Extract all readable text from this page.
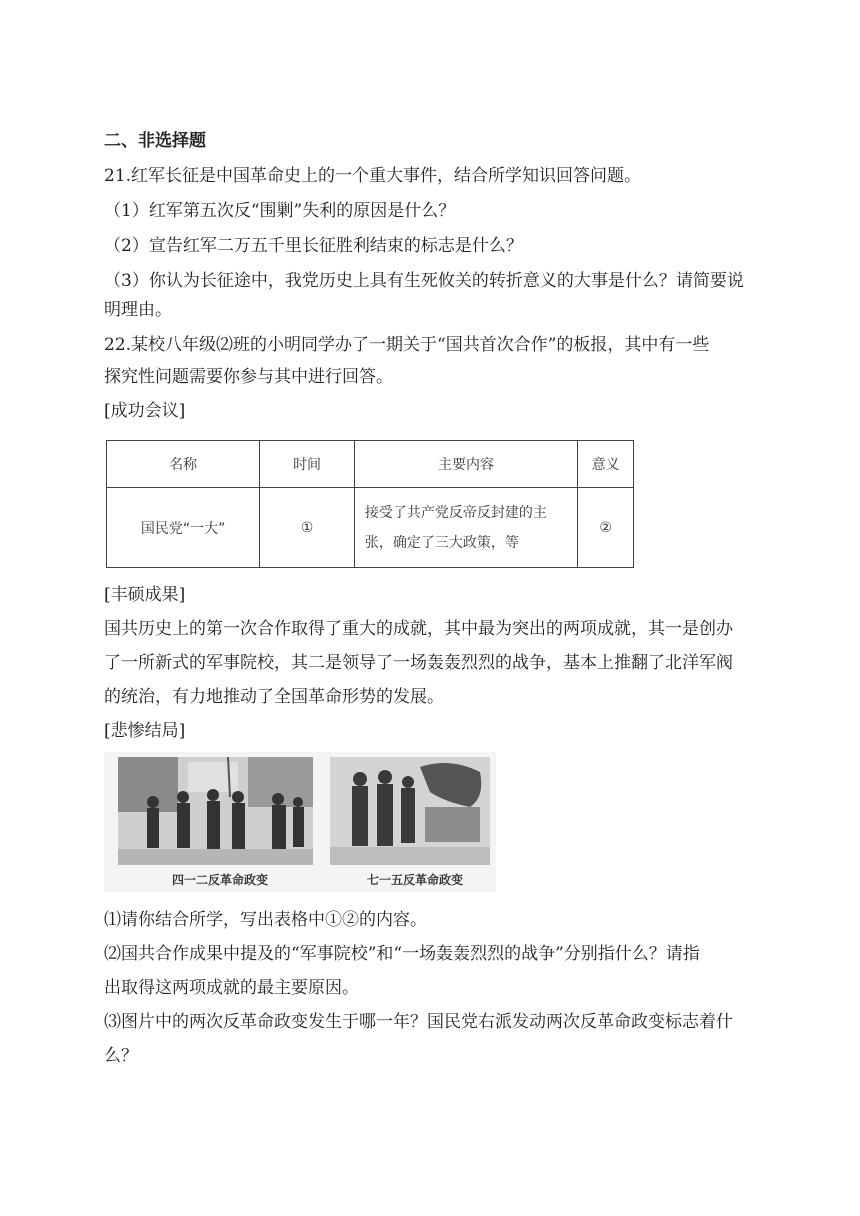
二、非选择题
21.红军长征是中国革命史上的一个重大事件，结合所学知识回答问题。
（1）红军第五次反“围剿”失利的原因是什么？
（2）宣告红军二万五千里长征胜利结束的标志是什么？
（3）你认为长征途中，我党历史上具有生死攸关的转折意义的大事是什么？请简要说
明理由。
22.某校八年级⑵班的小明同学办了一期关于“国共首次合作”的板报，其中有一些
探究性问题需要你参与其中进行回答。
[成功会议]
名称	时间	主要内容	意义
国民党“一大”	①	接受了共产党反帝反封建的主
张，确定了三大政策，等	②
[丰硕成果]
国共历史上的第一次合作取得了重大的成就，其中最为突出的两项成就，其一是创办
了一所新式的军事院校，其二是领导了一场轰轰烈烈的战争，基本上推翻了北洋军阀
的统治，有力地推动了全国革命形势的发展。
[悲惨结局]
四一二反革命政变	七一五反革命政变
⑴请你结合所学，写出表格中①②的内容。
⑵国共合作成果中提及的“军事院校”和“一场轰轰烈烈的战争”分别指什么？请指
出取得这两项成就的最主要原因。
⑶图片中的两次反革命政变发生于哪一年？国民党右派发动两次反革命政变标志着什
么？
